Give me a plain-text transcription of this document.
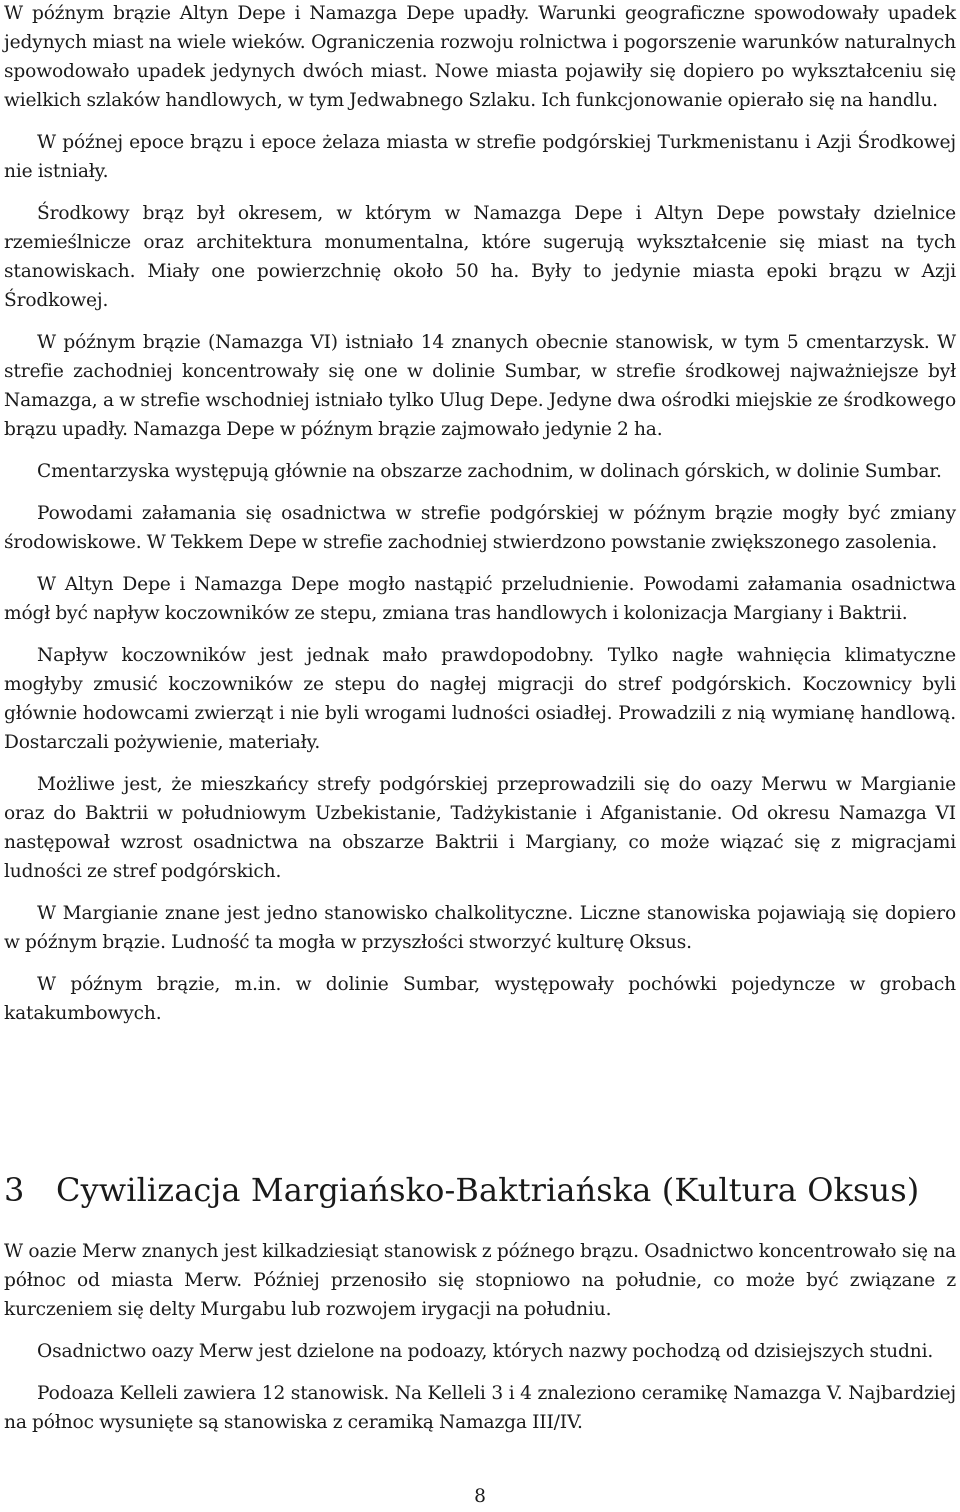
W późnym brązie Altyn Depe i Namazga Depe upadły. Warunki geograficzne spowodowały upadek jedynych miast na wiele wieków. Ograniczenia rozwoju rolnictwa i pogorszenie warunków naturalnych spowodowało upadek jedynych dwóch miast. Nowe miasta pojawiły się dopiero po wykształceniu się wielkich szlaków handlowych, w tym Jedwabnego Szlaku. Ich funkcjonowanie opierało się na handlu.

W późnej epoce brązu i epoce żelaza miasta w strefie podgórskiej Turkmenistanu i Azji Środkowej nie istniały.

Środkowy brąz był okresem, w którym w Namazga Depe i Altyn Depe powstały dzielnice rzemieślnicze oraz architektura monumentalna, które sugerują wykształcenie się miast na tych stanowiskach. Miały one powierzchnię około 50 ha. Były to jedynie miasta epoki brązu w Azji Środkowej.

W późnym brązie (Namazga VI) istniało 14 znanych obecnie stanowisk, w tym 5 cmentarzysk. W strefie zachodniej koncentrowały się one w dolinie Sumbar, w strefie środkowej najważniejsze był Namazga, a w strefie wschodniej istniało tylko Ulug Depe. Jedyne dwa ośrodki miejskie ze środkowego brązu upadły. Namazga Depe w późnym brązie zajmowało jedynie 2 ha.

Cmentarzyska występują głównie na obszarze zachodnim, w dolinach górskich, w dolinie Sumbar.

Powodami załamania się osadnictwa w strefie podgórskiej w późnym brązie mogły być zmiany środowiskowe. W Tekkem Depe w strefie zachodniej stwierdzono powstanie zwiększonego zasolenia.

W Altyn Depe i Namazga Depe mogło nastąpić przeludnienie. Powodami załamania osadnictwa mógł być napływ koczowników ze stepu, zmiana tras handlowych i kolonizacja Margiany i Baktrii.

Napływ koczowników jest jednak mało prawdopodobny. Tylko nagłe wahnięcia klimatyczne mogłyby zmusić koczowników ze stepu do nagłej migracji do stref podgórskich. Koczownicy byli głównie hodowcami zwierząt i nie byli wrogami ludności osiadłej. Prowadzili z nią wymianę handlową. Dostarczali pożywienie, materiały.

Możliwe jest, że mieszkańcy strefy podgórskiej przeprowadzili się do oazy Merwu w Margianie oraz do Baktrii w południowym Uzbekistanie, Tadżykistanie i Afganistanie. Od okresu Namazga VI następował wzrost osadnictwa na obszarze Baktrii i Margiany, co może wiązać się z migracjami ludności ze stref podgórskich.

W Margianie znane jest jedno stanowisko chalkolityczne. Liczne stanowiska pojawiają się dopiero w późnym brązie. Ludność ta mogła w przyszłości stworzyć kulturę Oksus.

W późnym brązie, m.in. w dolinie Sumbar, występowały pochówki pojedyncze w grobach katakumbowych.

3 Cywilizacja Margiańsko-Baktriańska (Kultura Oksus)

W oazie Merw znanych jest kilkadziesiąt stanowisk z późnego brązu. Osadnictwo koncentrowało się na północ od miasta Merw. Później przenosiło się stopniowo na południe, co może być związane z kurczeniem się delty Murgabu lub rozwojem irygacji na południu.

Osadnictwo oazy Merw jest dzielone na podoazy, których nazwy pochodzą od dzisiejszych studni.

Podoaza Kelleli zawiera 12 stanowisk. Na Kelleli 3 i 4 znaleziono ceramikę Namazga V. Najbardziej na północ wysunięte są stanowiska z ceramiką Namazga III/IV.

8
